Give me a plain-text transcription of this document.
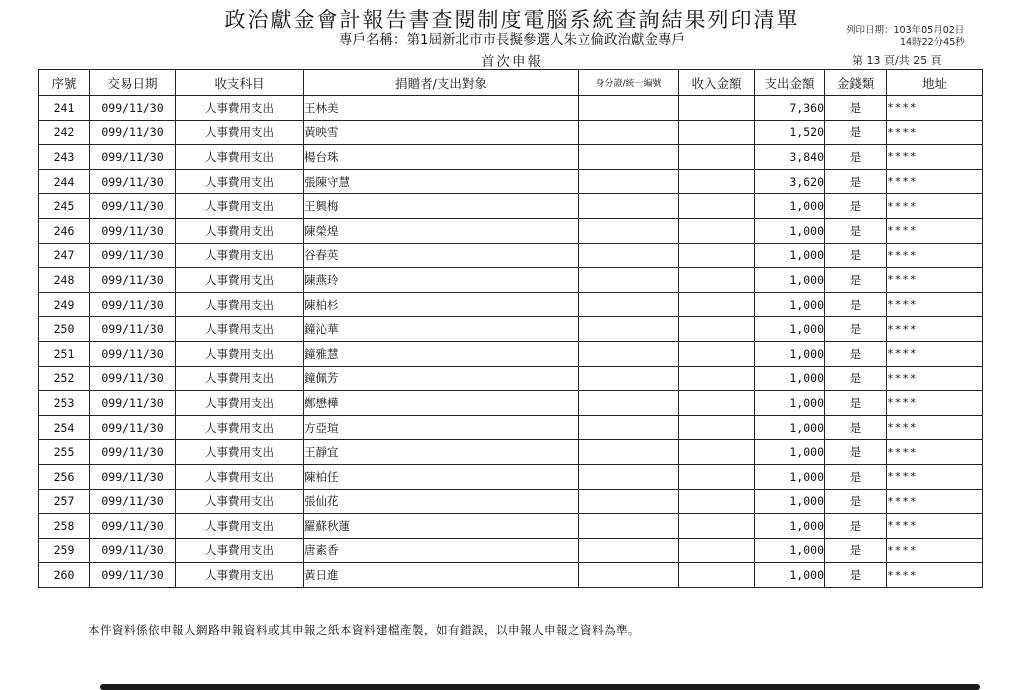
政治獻金會計報告書查閱制度電腦系統查詢結果列印清單
專戶名稱：第1屆新北市市長擬參選人朱立倫政治獻金專戶
首次申報
列印日期：103年05月02日
14時22分45秒
第 13 頁/共 25 頁
序號	交易日期	收支科目	捐贈者/支出對象	身分證/統一編號	收入金額	支出金額	金錢類	地址
241	099/11/30	人事費用支出	王林美			7,360	是	****
242	099/11/30	人事費用支出	黃映雪			1,520	是	****
243	099/11/30	人事費用支出	楊台珠			3,840	是	****
244	099/11/30	人事費用支出	張陳守慧			3,620	是	****
245	099/11/30	人事費用支出	王興梅			1,000	是	****
246	099/11/30	人事費用支出	陳榮煌			1,000	是	****
247	099/11/30	人事費用支出	谷春英			1,000	是	****
248	099/11/30	人事費用支出	陳燕玲			1,000	是	****
249	099/11/30	人事費用支出	陳柏杉			1,000	是	****
250	099/11/30	人事費用支出	鐘沁華			1,000	是	****
251	099/11/30	人事費用支出	鐘雅慧			1,000	是	****
252	099/11/30	人事費用支出	鐘佩芳			1,000	是	****
253	099/11/30	人事費用支出	鄭懋樺			1,000	是	****
254	099/11/30	人事費用支出	方亞瑄			1,000	是	****
255	099/11/30	人事費用支出	王靜宜			1,000	是	****
256	099/11/30	人事費用支出	陳柏任			1,000	是	****
257	099/11/30	人事費用支出	張仙花			1,000	是	****
258	099/11/30	人事費用支出	羅蘇秋蓮			1,000	是	****
259	099/11/30	人事費用支出	唐素香			1,000	是	****
260	099/11/30	人事費用支出	黃日進			1,000	是	****
本件資料係依申報人網路申報資料或其申報之紙本資料建檔產製，如有錯誤，以申報人申報之資料為準。
